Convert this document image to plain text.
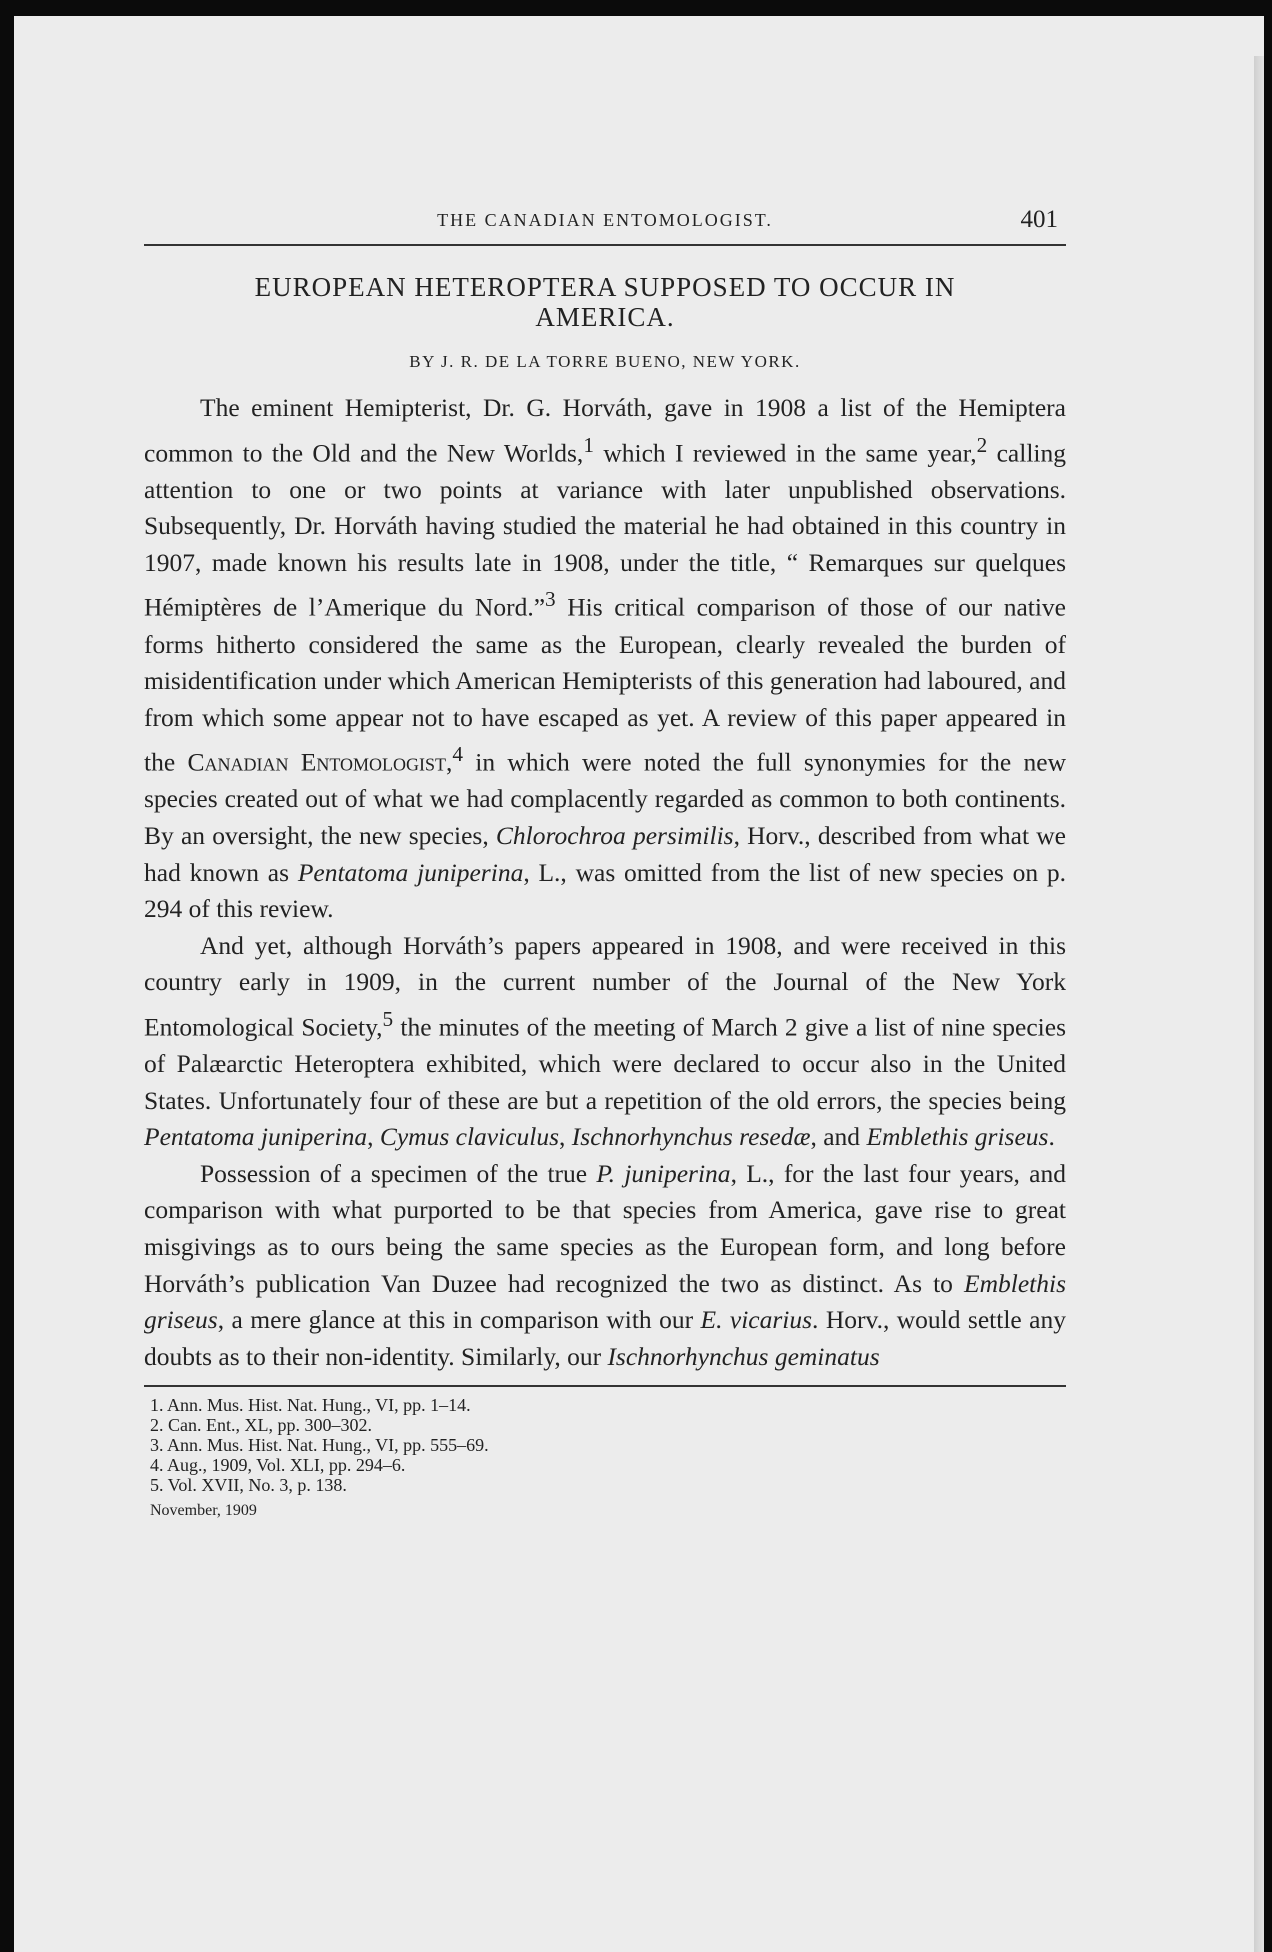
THE CANADIAN ENTOMOLOGIST.	401
EUROPEAN HETEROPTERA SUPPOSED TO OCCUR IN
AMERICA.
BY J. R. DE LA TORRE BUENO, NEW YORK.

The eminent Hemipterist, Dr. G. Horváth, gave in 1908 a list of the Hemiptera common to the Old and the New Worlds,$^1$ which I reviewed in the same year,$^2$ calling attention to one or two points at variance with later unpublished observations. Subsequently, Dr. Horváth having studied the material he had obtained in this country in 1907, made known his results late in 1908, under the title, “ Remarques sur quelques Hémiptères de l’Amerique du Nord.”$^3$ His critical comparison of those of our native forms hitherto considered the same as the European, clearly revealed the burden of misidentification under which American Hemipterists of this generation had laboured, and from which some appear not to have escaped as yet. A review of this paper appeared in the Canadian Entomologist,$^4$ in which were noted the full synonymies for the new species created out of what we had complacently regarded as common to both continents. By an oversight, the new species, Chlorochroa persimilis, Horv., described from what we had known as Pentatoma juniperina, L., was omitted from the list of new species on p. 294 of this review.

And yet, although Horváth’s papers appeared in 1908, and were received in this country early in 1909, in the current number of the Journal of the New York Entomological Society,$^5$ the minutes of the meeting of March 2 give a list of nine species of Palæarctic Heteroptera exhibited, which were declared to occur also in the United States. Unfortunately four of these are but a repetition of the old errors, the species being Pentatoma juniperina, Cymus claviculus, Ischnorhynchus resedæ, and Emblethis griseus.

Possession of a specimen of the true P. juniperina, L., for the last four years, and comparison with what purported to be that species from America, gave rise to great misgivings as to ours being the same species as the European form, and long before Horváth’s publication Van Duzee had recognized the two as distinct. As to Emblethis griseus, a mere glance at this in comparison with our E. vicarius. Horv., would settle any doubts as to their non-identity. Similarly, our Ischnorhynchus geminatus

1. Ann. Mus. Hist. Nat. Hung., VI, pp. 1–14.
2. Can. Ent., XL, pp. 300–302.
3. Ann. Mus. Hist. Nat. Hung., VI, pp. 555–69.
4. Aug., 1909, Vol. XLI, pp. 294–6.
5. Vol. XVII, No. 3, p. 138.
November, 1909
